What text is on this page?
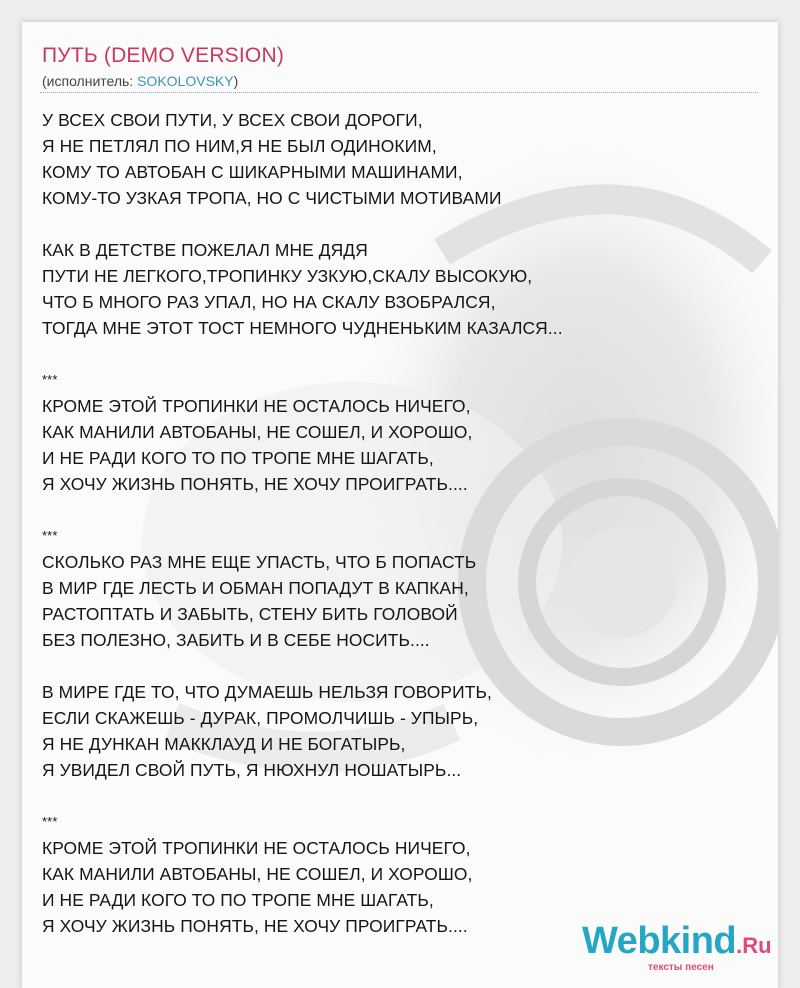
ПУТЬ (DEMO VERSION)
(исполнитель: SOKOLOVSKY)
У ВСЕХ СВОИ ПУТИ, У ВСЕХ СВОИ ДОРОГИ,
Я НЕ ПЕТЛЯЛ ПО НИМ,Я НЕ БЫЛ ОДИНОКИМ,
КОМУ ТО АВТОБАН С ШИКАРНЫМИ МАШИНАМИ,
КОМУ-ТО УЗКАЯ ТРОПА, НО С ЧИСТЫМИ МОТИВАМИ
КАК В ДЕТСТВЕ ПОЖЕЛАЛ МНЕ ДЯДЯ
ПУТИ НЕ ЛЕГКОГО,ТРОПИНКУ УЗКУЮ,СКАЛУ ВЫСОКУЮ,
ЧТО Б МНОГО РАЗ УПАЛ, НО НА СКАЛУ ВЗОБРАЛСЯ,
ТОГДА МНЕ ЭТОТ ТОСТ НЕМНОГО ЧУДНЕНЬКИМ КАЗАЛСЯ...
***
КРОМЕ ЭТОЙ ТРОПИНКИ НЕ ОСТАЛОСЬ НИЧЕГО,
КАК МАНИЛИ АВТОБАНЫ, НЕ СОШЕЛ, И ХОРОШО,
И НЕ РАДИ КОГО ТО ПО ТРОПЕ МНЕ ШАГАТЬ,
Я ХОЧУ ЖИЗНЬ ПОНЯТЬ, НЕ ХОЧУ ПРОИГРАТЬ....
***
СКОЛЬКО РАЗ МНЕ ЕЩЕ УПАСТЬ, ЧТО Б ПОПАСТЬ
В МИР ГДЕ ЛЕСТЬ И ОБМАН ПОПАДУТ В КАПКАН,
РАСТОПТАТЬ И ЗАБЫТЬ, СТЕНУ БИТЬ ГОЛОВОЙ
БЕЗ ПОЛЕЗНО, ЗАБИТЬ И В СЕБЕ НОСИТЬ....
В МИРЕ ГДЕ ТО, ЧТО ДУМАЕШЬ НЕЛЬЗЯ ГОВОРИТЬ,
ЕСЛИ СКАЖЕШЬ - ДУРАК, ПРОМОЛЧИШЬ - УПЫРЬ,
Я НЕ ДУНКАН МАККЛАУД И НЕ БОГАТЫРЬ,
Я УВИДЕЛ СВОЙ ПУТЬ, Я НЮХНУЛ НОШАТЫРЬ...
***
КРОМЕ ЭТОЙ ТРОПИНКИ НЕ ОСТАЛОСЬ НИЧЕГО,
КАК МАНИЛИ АВТОБАНЫ, НЕ СОШЕЛ, И ХОРОШО,
И НЕ РАДИ КОГО ТО ПО ТРОПЕ МНЕ ШАГАТЬ,
Я ХОЧУ ЖИЗНЬ ПОНЯТЬ, НЕ ХОЧУ ПРОИГРАТЬ....	Webkind.Ru
тексты песен
